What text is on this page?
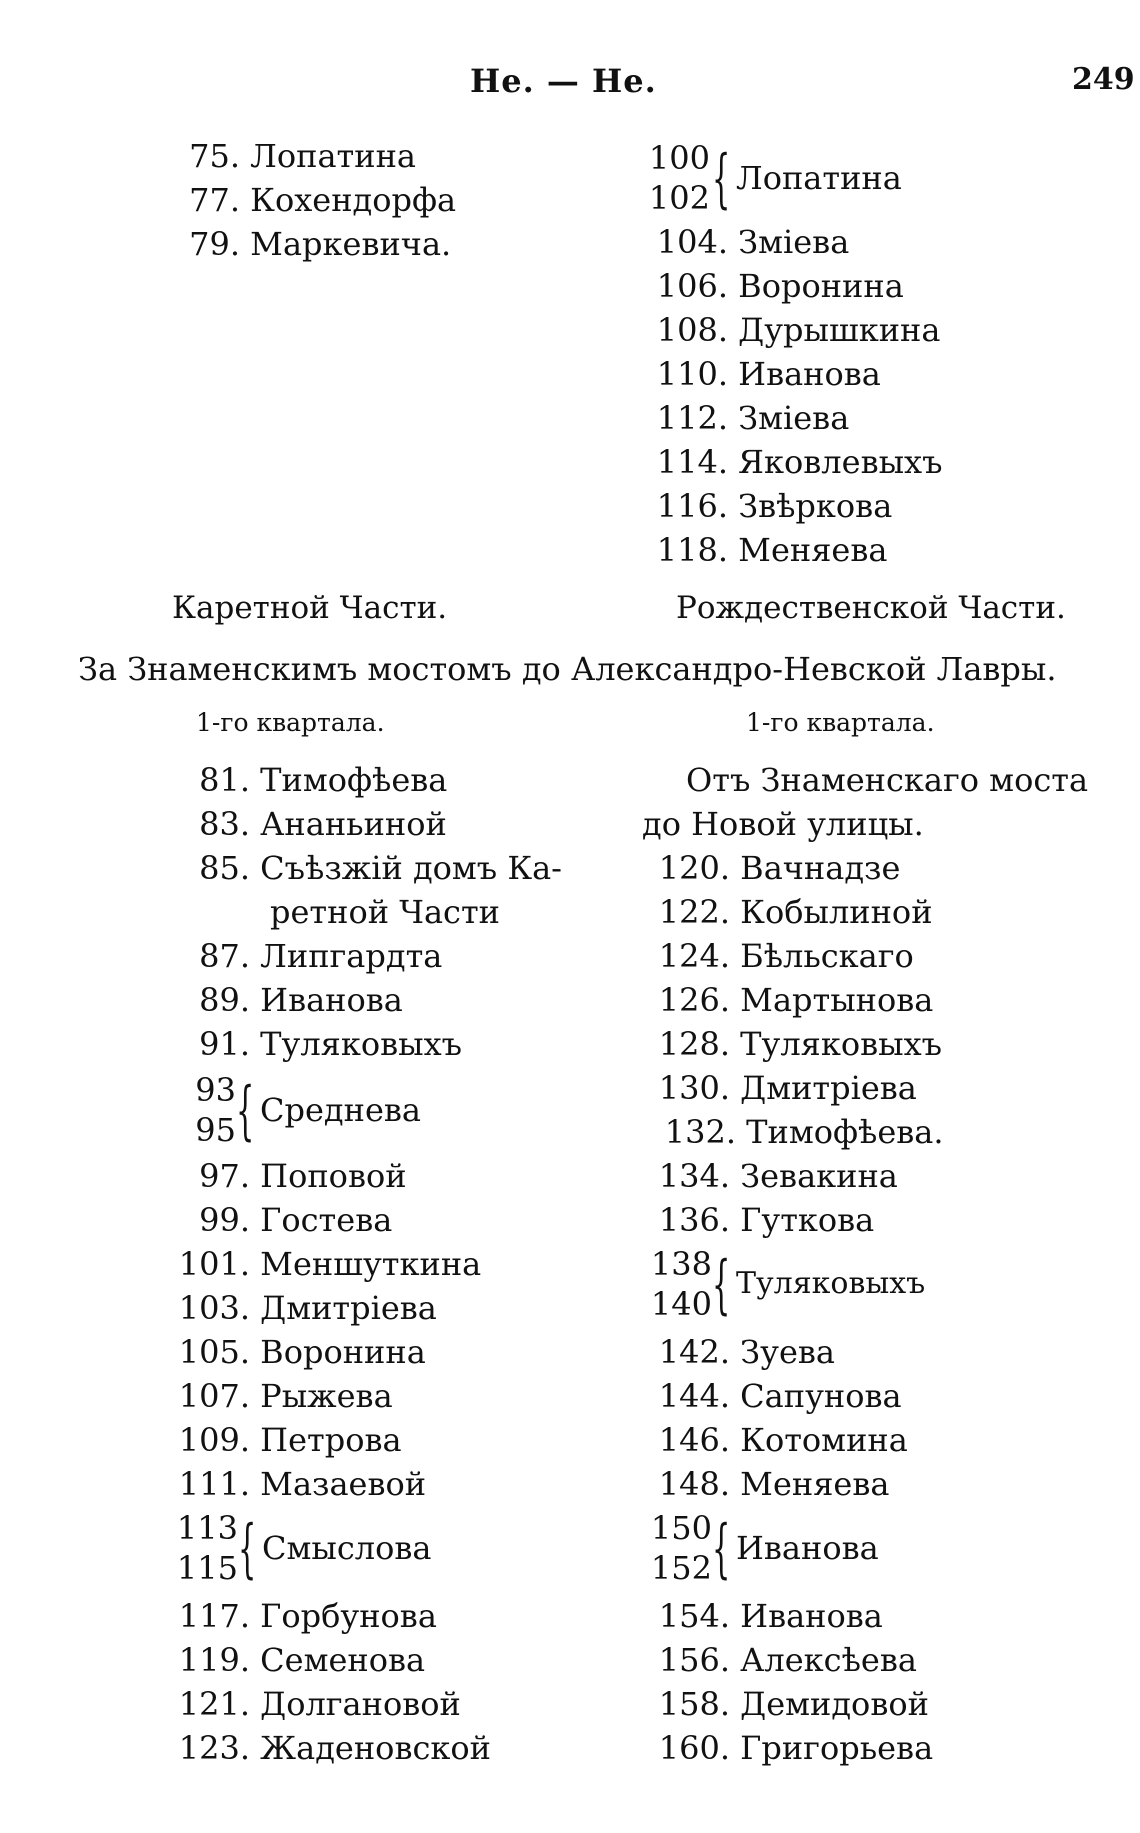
Не. — Не.	249
75. Лопатина
77. Кохендорфа
79. Маркевича.
100
102 { Лопатина
104. Зміева
106. Воронина
108. Дурышкина
110. Иванова
112. Зміева
114. Яковлевыхъ
116. Звѣркова
118. Меняева
Каретной Части.	Рождественской Части.
За Знаменскимъ мостомъ до Александро-Невской Лавры.
1-го квартала.	1-го квартала.
81. Тимофѣева
83. Ананьиной
85. Съѣзжій домъ Ка-
ретной Части
87. Липгардта
89. Иванова
91. Туляковыхъ
93
95 { Среднева
97. Поповой
99. Гостева
101. Меншуткина
103. Дмитріева
105. Воронина
107. Рыжева
109. Петрова
111. Мазаевой
113
115 { Смыслова
117. Горбунова
119. Семенова
121. Долгановой
123. Жаденовской
Отъ Знаменскаго моста
до Новой улицы.
120. Вачнадзе
122. Кобылиной
124. Бѣльскаго
126. Мартынова
128. Туляковыхъ
130. Дмитріева
132. Тимофѣева.
134. Зевакина
136. Гуткова
138
140 { Туляковыхъ
142. Зуева
144. Сапунова
146. Котомина
148. Меняева
150
152 { Иванова
154. Иванова
156. Алексѣева
158. Демидовой
160. Григорьева
